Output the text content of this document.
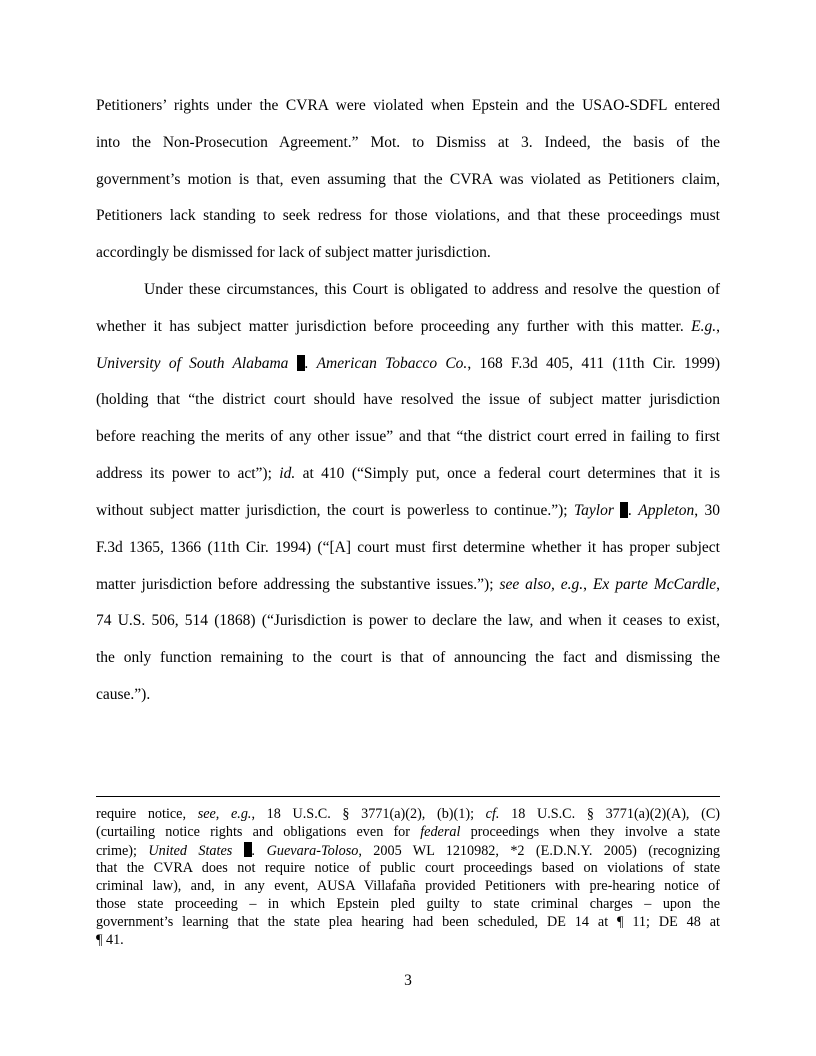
Petitioners’ rights under the CVRA were violated when Epstein and the USAO-SDFL entered
into the Non-Prosecution Agreement.” Mot. to Dismiss at 3. Indeed, the basis of the
government’s motion is that, even assuming that the CVRA was violated as Petitioners claim,
Petitioners lack standing to seek redress for those violations, and that these proceedings must
accordingly be dismissed for lack of subject matter jurisdiction.
Under these circumstances, this Court is obligated to address and resolve the question of
whether it has subject matter jurisdiction before proceeding any further with this matter. E.g.,
University of South Alabama . American Tobacco Co., 168 F.3d 405, 411 (11th Cir. 1999)
(holding that “the district court should have resolved the issue of subject matter jurisdiction
before reaching the merits of any other issue” and that “the district court erred in failing to first
address its power to act”); id. at 410 (“Simply put, once a federal court determines that it is
without subject matter jurisdiction, the court is powerless to continue.”); Taylor . Appleton, 30
F.3d 1365, 1366 (11th Cir. 1994) (“[A] court must first determine whether it has proper subject
matter jurisdiction before addressing the substantive issues.”); see also, e.g., Ex parte McCardle,
74 U.S. 506, 514 (1868) (“Jurisdiction is power to declare the law, and when it ceases to exist,
the only function remaining to the court is that of announcing the fact and dismissing the
cause.”).
require notice, see, e.g., 18 U.S.C. § 3771(a)(2), (b)(1); cf. 18 U.S.C. § 3771(a)(2)(A), (C)
(curtailing notice rights and obligations even for federal proceedings when they involve a state
crime); United States . Guevara-Toloso, 2005 WL 1210982, *2 (E.D.N.Y. 2005) (recognizing
that the CVRA does not require notice of public court proceedings based on violations of state
criminal law), and, in any event, AUSA Villafaña provided Petitioners with pre-hearing notice of
those state proceeding – in which Epstein pled guilty to state criminal charges – upon the
government’s learning that the state plea hearing had been scheduled, DE 14 at ¶ 11; DE 48 at
¶ 41.
3
